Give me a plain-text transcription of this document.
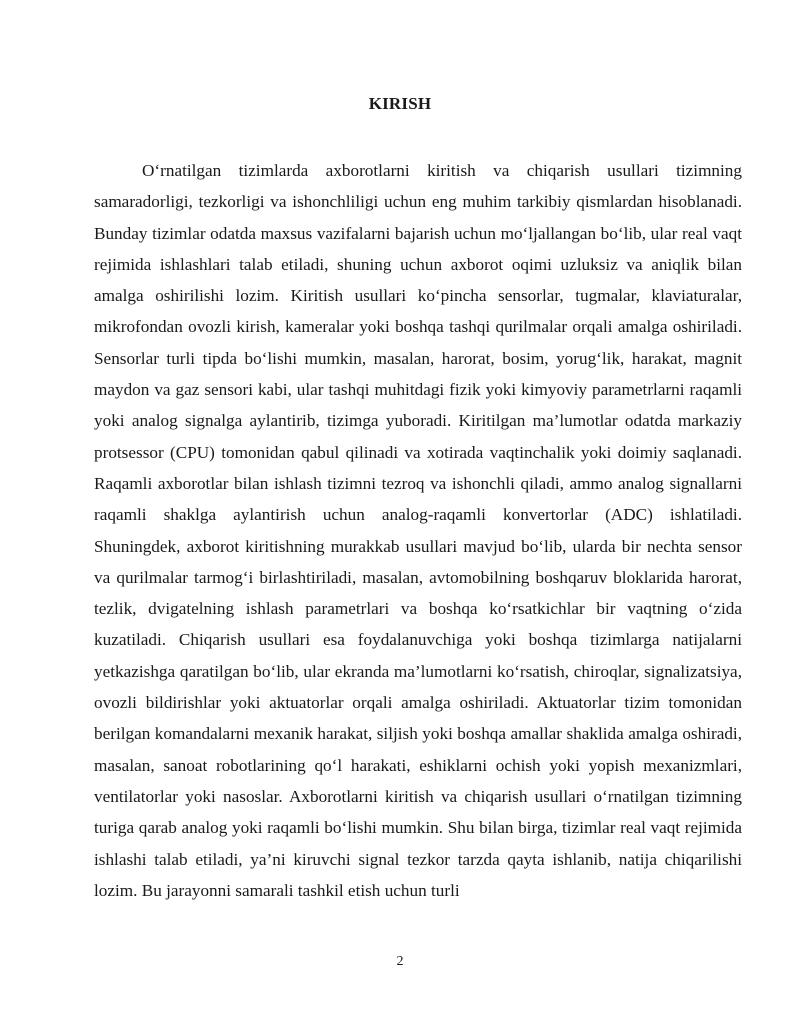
KIRISH

O‘rnatilgan tizimlarda axborotlarni kiritish va chiqarish usullari tizimning samaradorligi, tezkorligi va ishonchliligi uchun eng muhim tarkibiy qismlardan hisoblanadi. Bunday tizimlar odatda maxsus vazifalarni bajarish uchun mo‘ljallangan bo‘lib, ular real vaqt rejimida ishlashlari talab etiladi, shuning uchun axborot oqimi uzluksiz va aniqlik bilan amalga oshirilishi lozim. Kiritish usullari ko‘pincha sensorlar, tugmalar, klaviaturalar, mikrofondan ovozli kirish, kameralar yoki boshqa tashqi qurilmalar orqali amalga oshiriladi. Sensorlar turli tipda bo‘lishi mumkin, masalan, harorat, bosim, yorug‘lik, harakat, magnit maydon va gaz sensori kabi, ular tashqi muhitdagi fizik yoki kimyoviy parametrlarni raqamli yoki analog signalga aylantirib, tizimga yuboradi. Kiritilgan ma’lumotlar odatda markaziy protsessor (CPU) tomonidan qabul qilinadi va xotirada vaqtinchalik yoki doimiy saqlanadi. Raqamli axborotlar bilan ishlash tizimni tezroq va ishonchli qiladi, ammo analog signallarni raqamli shaklga aylantirish uchun analog-raqamli konvertorlar (ADC) ishlatiladi. Shuningdek, axborot kiritishning murakkab usullari mavjud bo‘lib, ularda bir nechta sensor va qurilmalar tarmog‘i birlashtiriladi, masalan, avtomobilning boshqaruv bloklarida harorat, tezlik, dvigatelning ishlash parametrlari va boshqa ko‘rsatkichlar bir vaqtning o‘zida kuzatiladi. Chiqarish usullari esa foydalanuvchiga yoki boshqa tizimlarga natijalarni yetkazishga qaratilgan bo‘lib, ular ekranda ma’lumotlarni ko‘rsatish, chiroqlar, signalizatsiya, ovozli bildirishlar yoki aktuatorlar orqali amalga oshiriladi. Aktuatorlar tizim tomonidan berilgan komandalarni mexanik harakat, siljish yoki boshqa amallar shaklida amalga oshiradi, masalan, sanoat robotlarining qo‘l harakati, eshiklarni ochish yoki yopish mexanizmlari, ventilatorlar yoki nasoslar. Axborotlarni kiritish va chiqarish usullari o‘rnatilgan tizimning turiga qarab analog yoki raqamli bo‘lishi mumkin. Shu bilan birga, tizimlar real vaqt rejimida ishlashi talab etiladi, ya’ni kiruvchi signal tezkor tarzda qayta ishlanib, natija chiqarilishi lozim. Bu jarayonni samarali tashkil etish uchun turli

2
